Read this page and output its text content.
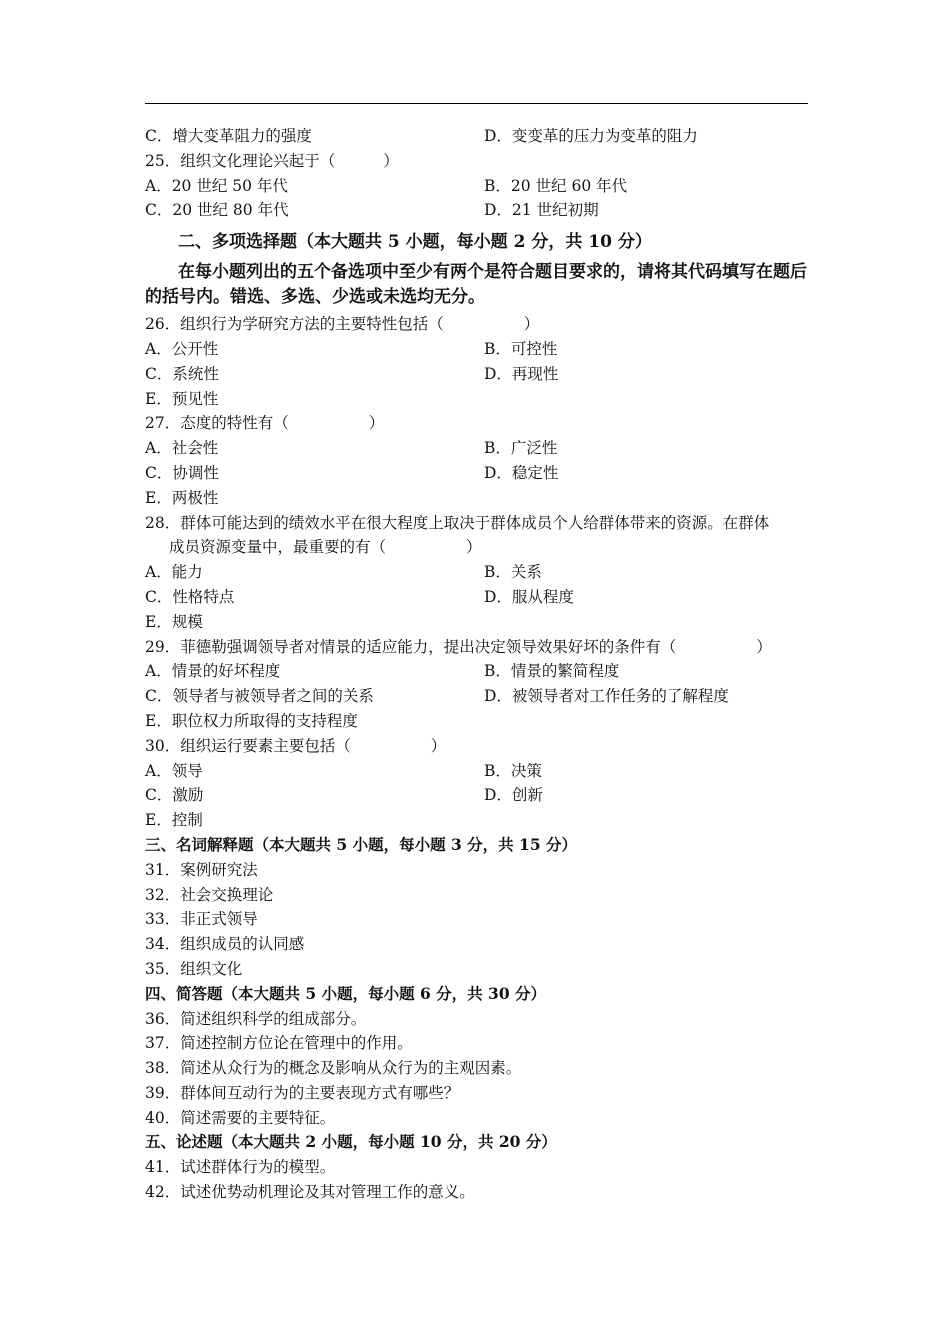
C．增大变革阻力的强度	D．变变革的压力为变革的阻力
25．组织文化理论兴起于（	）
A．20 世纪 50 年代	B．20 世纪 60 年代
C．20 世纪 80 年代	D．21 世纪初期
二、多项选择题（本大题共 5 小题，每小题 2 分，共 10 分）
在每小题列出的五个备选项中至少有两个是符合题目要求的，请将其代码填写在题后的括号内。错选、多选、少选或未选均无分。
26．组织行为学研究方法的主要特性包括（	）
A．公开性	B．可控性
C．系统性	D．再现性
E．预见性
27．态度的特性有（	）
A．社会性	B．广泛性
C．协调性	D．稳定性
E．两极性
28．群体可能达到的绩效水平在很大程度上取决于群体成员个人给群体带来的资源。在群体
成员资源变量中，最重要的有（	）
A．能力	B．关系
C．性格特点	D．服从程度
E．规模
29．菲德勒强调领导者对情景的适应能力，提出决定领导效果好坏的条件有（	）
A．情景的好坏程度	B．情景的繁简程度
C．领导者与被领导者之间的关系	D．被领导者对工作任务的了解程度
E．职位权力所取得的支持程度
30．组织运行要素主要包括（	）
A．领导	B．决策
C．激励	D．创新
E．控制
三、名词解释题（本大题共 5 小题，每小题 3 分，共 15 分）
31．案例研究法
32．社会交换理论
33．非正式领导
34．组织成员的认同感
35．组织文化
四、简答题（本大题共 5 小题，每小题 6 分，共 30 分）
36．简述组织科学的组成部分。
37．简述控制方位论在管理中的作用。
38．简述从众行为的概念及影响从众行为的主观因素。
39．群体间互动行为的主要表现方式有哪些？
40．简述需要的主要特征。
五、论述题（本大题共 2 小题，每小题 10 分，共 20 分）
41．试述群体行为的模型。
42．试述优势动机理论及其对管理工作的意义。
